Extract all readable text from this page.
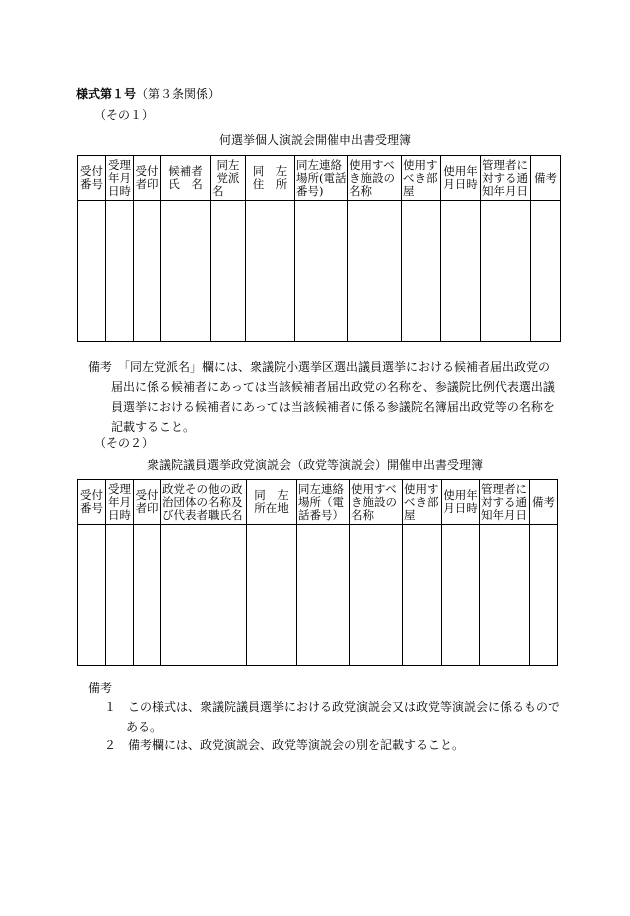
様式第１号（第３条関係）
（その１）
何選挙個人演説会開催申出書受理簿
受付
番号	受理
年月
日時	受付
者印	候補者
氏　名	同左
党派
名	同　左
住　所	同左連絡
場所(電話
番号)	使用すべ
き施設の
名称	使用す
べき部
屋	使用年
月日時	管理者に
対する通
知年月日	備考

備考　「同左党派名」欄には、衆議院小選挙区選出議員選挙における候補者届出政党の
届出に係る候補者にあっては当該候補者届出政党の名称を、参議院比例代表選出議
員選挙における候補者にあっては当該候補者に係る参議院名簿届出政党等の名称を
記載すること。
（その２）
衆議院議員選挙政党演説会（政党等演説会）開催申出書受理簿
受付
番号	受理
年月
日時	受付
者印	政党その他の政
治団体の名称及
び代表者職氏名	同　左
所在地	同左連絡
場所（電
話番号）	使用すべ
き施設の
名称	使用す
べき部
屋	使用年
月日時	管理者に
対する通
知年月日	備考

備考
１　 この様式は、衆議院議員選挙における政党演説会又は政党等演説会に係るもので
ある。
２　 備考欄には、政党演説会、政党等演説会の別を記載すること。
